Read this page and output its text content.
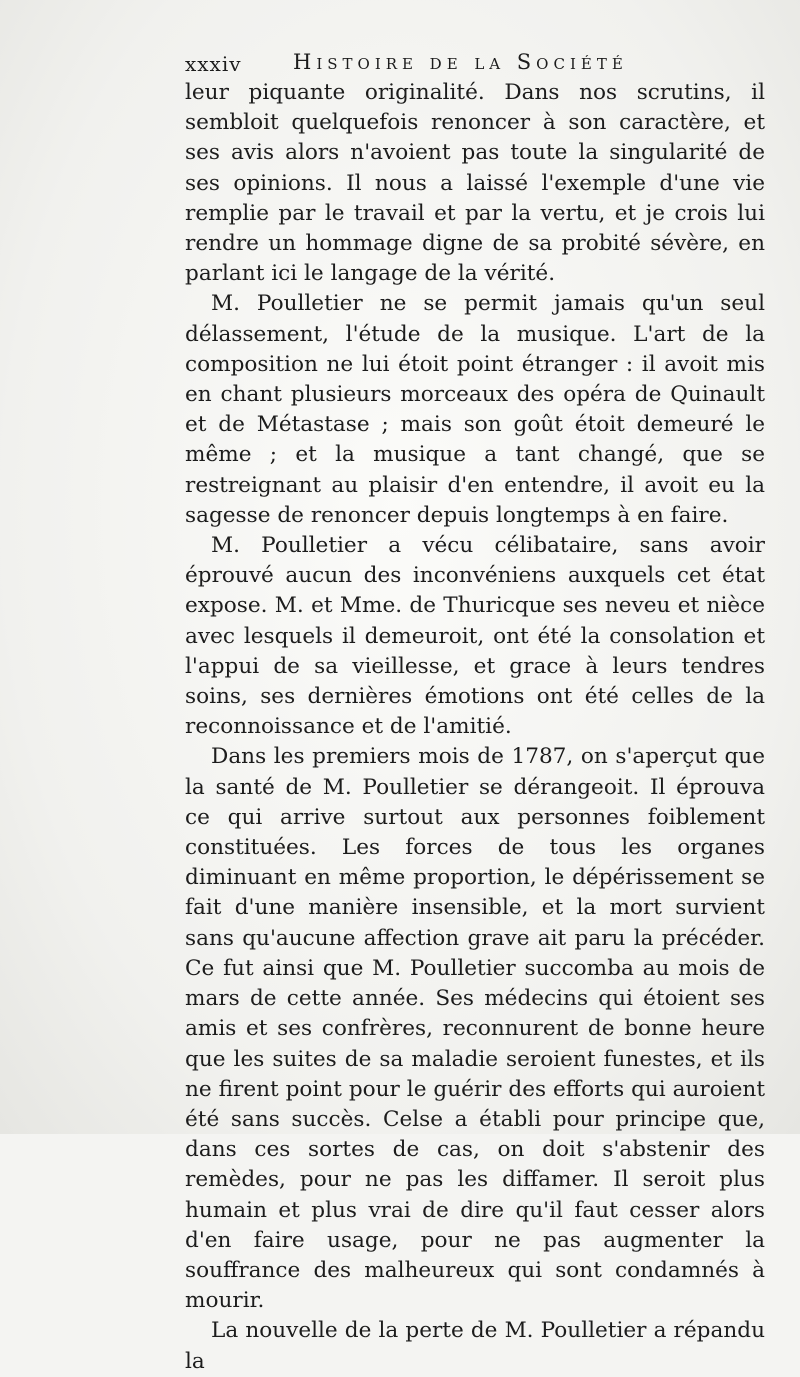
xxxiv Histoire de la Société

leur piquante originalité. Dans nos scrutins, il sembloit quelquefois renoncer à son caractère, et ses avis alors n'avoient pas toute la singularité de ses opinions. Il nous a laissé l'exemple d'une vie remplie par le travail et par la vertu, et je crois lui rendre un hommage digne de sa probité sévère, en parlant ici le langage de la vérité.

M. Poulletier ne se permit jamais qu'un seul délassement, l'étude de la musique. L'art de la composition ne lui étoit point étranger : il avoit mis en chant plusieurs morceaux des opéra de Quinault et de Métastase ; mais son goût étoit demeuré le même ; et la musique a tant changé, que se restreignant au plaisir d'en entendre, il avoit eu la sagesse de renoncer depuis longtemps à en faire.

M. Poulletier a vécu célibataire, sans avoir éprouvé aucun des inconvéniens auxquels cet état expose. M. et Mme. de Thuricque ses neveu et nièce avec lesquels il demeuroit, ont été la consolation et l'appui de sa vieillesse, et grace à leurs tendres soins, ses dernières émotions ont été celles de la reconnoissance et de l'amitié.

Dans les premiers mois de 1787, on s'aperçut que la santé de M. Poulletier se dérangeoit. Il éprouva ce qui arrive surtout aux personnes foiblement constituées. Les forces de tous les organes diminuant en même proportion, le dépérissement se fait d'une manière insensible, et la mort survient sans qu'aucune affection grave ait paru la précéder. Ce fut ainsi que M. Poulletier succomba au mois de mars de cette année. Ses médecins qui étoient ses amis et ses confrères, reconnurent de bonne heure que les suites de sa maladie seroient funestes, et ils ne firent point pour le guérir des efforts qui auroient été sans succès. Celse a établi pour principe que, dans ces sortes de cas, on doit s'abstenir des remèdes, pour ne pas les diffamer. Il seroit plus humain et plus vrai de dire qu'il faut cesser alors d'en faire usage, pour ne pas augmenter la souffrance des malheureux qui sont condamnés à mourir.

La nouvelle de la perte de M. Poulletier a répandu la
